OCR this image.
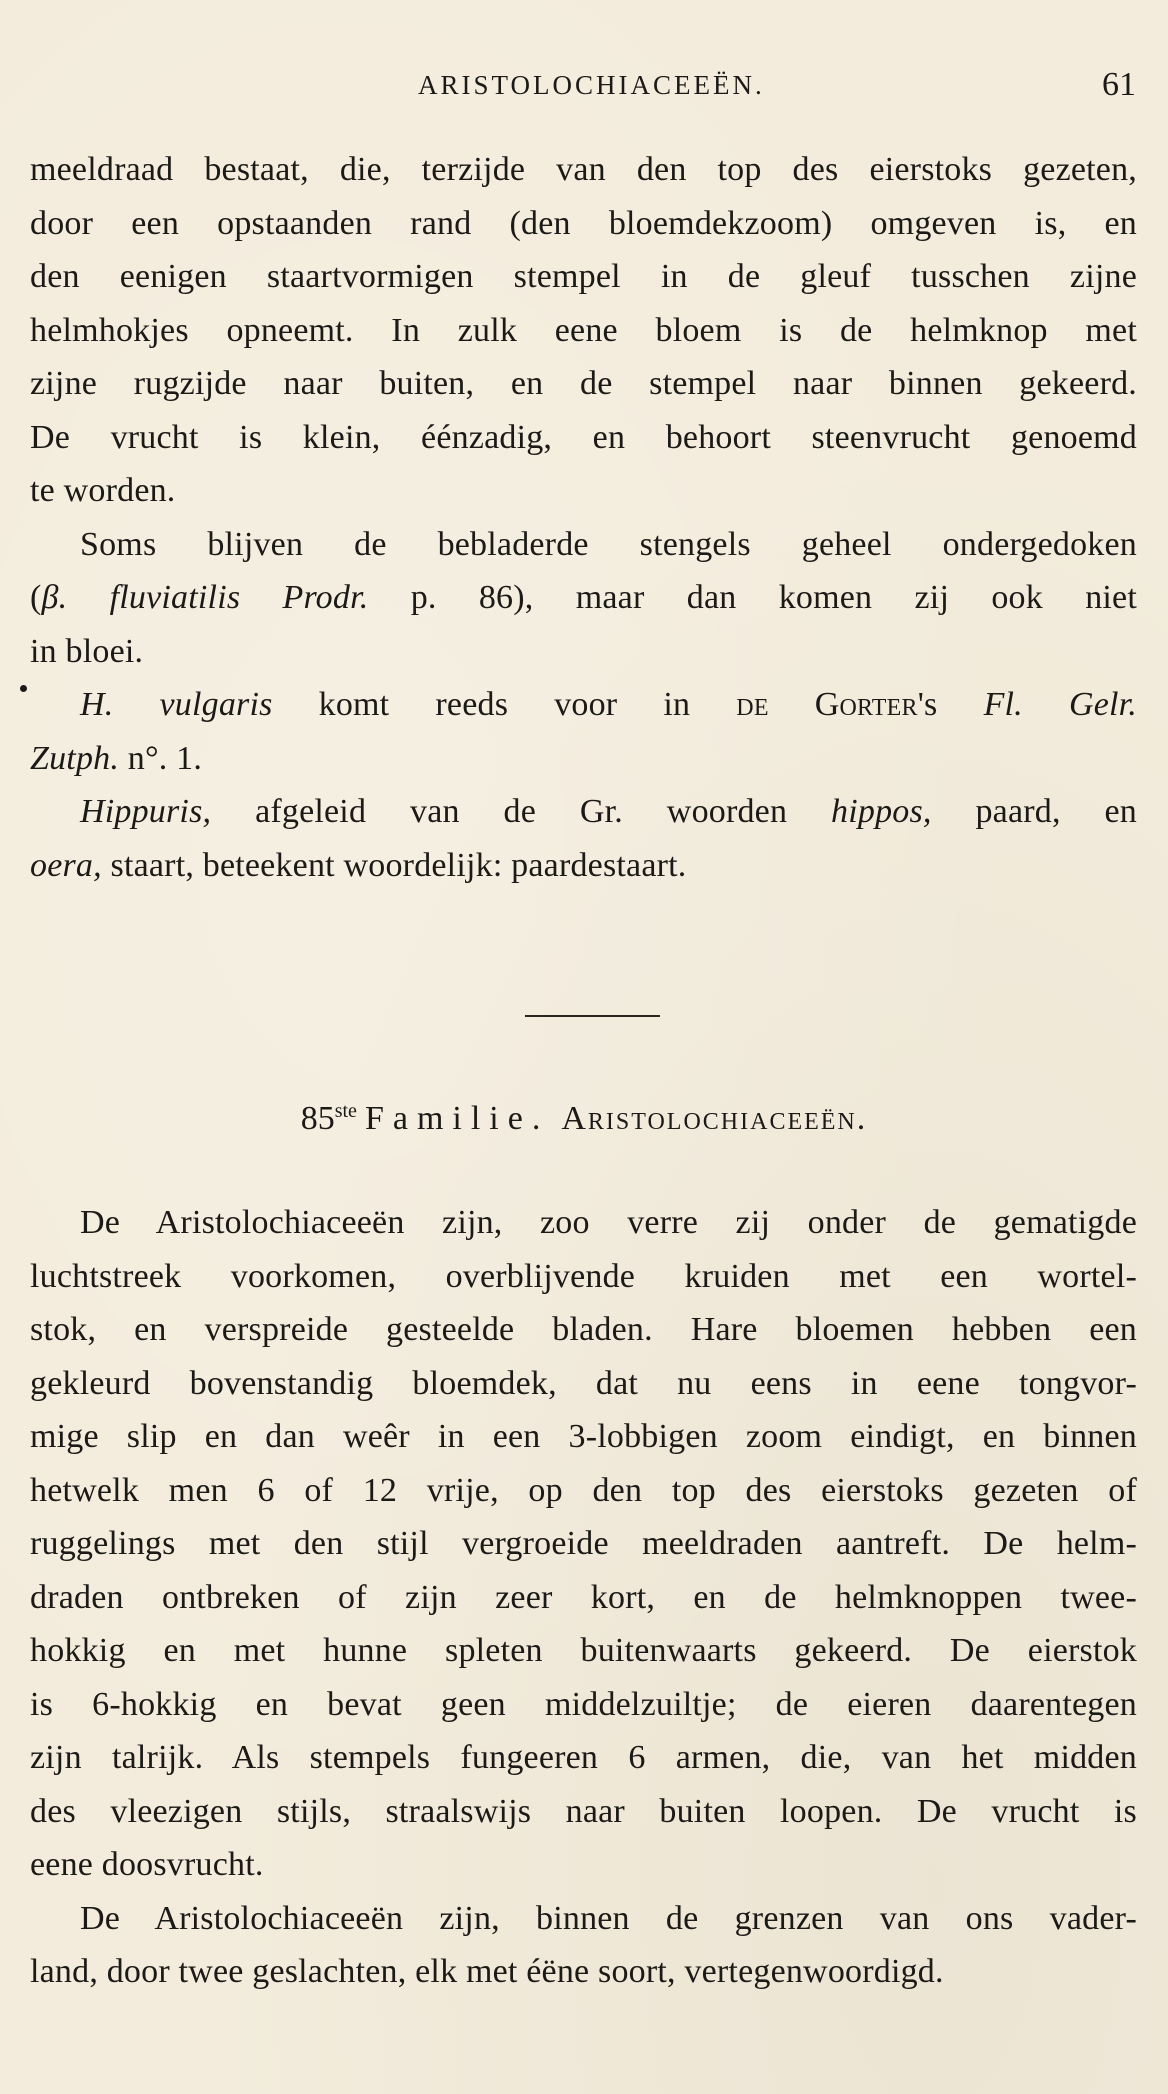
ARISTOLOCHIACEEËN.	61
meeldraad bestaat, die, terzijde van den top des eierstoks gezeten,
door een opstaanden rand (den bloemdekzoom) omgeven is, en
den eenigen staartvormigen stempel in de gleuf tusschen zijne
helmhokjes opneemt. In zulk eene bloem is de helmknop met
zijne rugzijde naar buiten, en de stempel naar binnen gekeerd.
De vrucht is klein, éénzadig, en behoort steenvrucht genoemd
te worden.
Soms blijven de bebladerde stengels geheel ondergedoken
(β. fluviatilis Prodr. p. 86), maar dan komen zij ook niet
in bloei.
H. vulgaris komt reeds voor in de Gorter's Fl. Gelr.
Zutph. n°. 1.
Hippuris, afgeleid van de Gr. woorden hippos, paard, en
oera, staart, beteekent woordelijk: paardestaart.
85ste Familie. Aristolochiaceeën.
De Aristolochiaceeën zijn, zoo verre zij onder de gematigde
luchtstreek voorkomen, overblijvende kruiden met een wortel-
stok, en verspreide gesteelde bladen. Hare bloemen hebben een
gekleurd bovenstandig bloemdek, dat nu eens in eene tongvor-
mige slip en dan weêr in een 3-lobbigen zoom eindigt, en binnen
hetwelk men 6 of 12 vrije, op den top des eierstoks gezeten of
ruggelings met den stijl vergroeide meeldraden aantreft. De helm-
draden ontbreken of zijn zeer kort, en de helmknoppen twee-
hokkig en met hunne spleten buitenwaarts gekeerd. De eierstok
is 6-hokkig en bevat geen middelzuiltje; de eieren daarentegen
zijn talrijk. Als stempels fungeeren 6 armen, die, van het midden
des vleezigen stijls, straalswijs naar buiten loopen. De vrucht is
eene doosvrucht.
De Aristolochiaceeën zijn, binnen de grenzen van ons vader-
land, door twee geslachten, elk met éëne soort, vertegenwoordigd.
